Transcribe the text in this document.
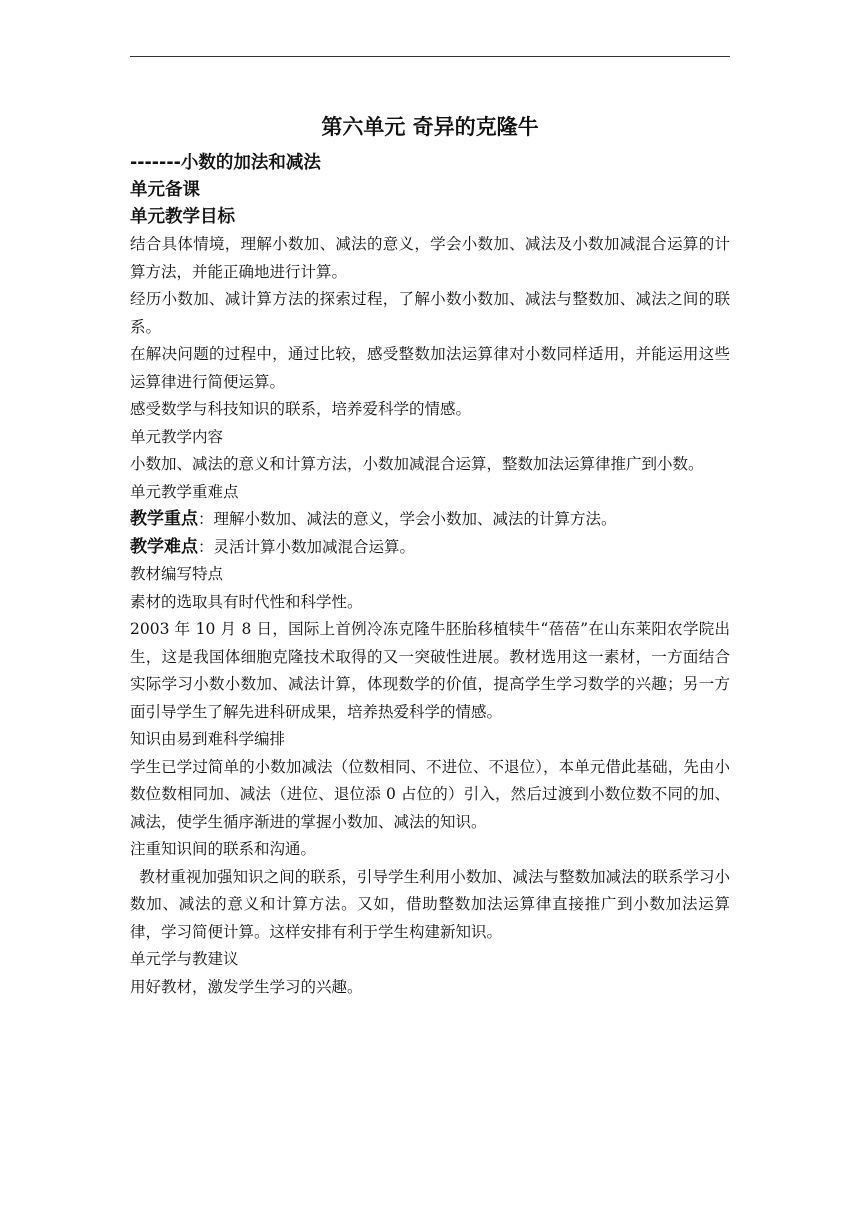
第六单元 奇异的克隆牛
-------小数的加法和减法
单元备课
单元教学目标
结合具体情境，理解小数加、减法的意义，学会小数加、减法及小数加减混合运算的计算方法，并能正确地进行计算。
经历小数加、减计算方法的探索过程，了解小数小数加、减法与整数加、减法之间的联系。
在解决问题的过程中，通过比较，感受整数加法运算律对小数同样适用，并能运用这些运算律进行简便运算。
感受数学与科技知识的联系，培养爱科学的情感。
单元教学内容
小数加、减法的意义和计算方法，小数加减混合运算，整数加法运算律推广到小数。
单元教学重难点
教学重点：理解小数加、减法的意义，学会小数加、减法的计算方法。
教学难点：灵活计算小数加减混合运算。
教材编写特点
素材的选取具有时代性和科学性。
2003 年 10 月 8 日，国际上首例冷冻克隆牛胚胎移植犊牛“蓓蓓”在山东莱阳农学院出生，这是我国体细胞克隆技术取得的又一突破性进展。教材选用这一素材，一方面结合实际学习小数小数加、减法计算，体现数学的价值，提高学生学习数学的兴趣；另一方面引导学生了解先进科研成果，培养热爱科学的情感。
知识由易到难科学编排
学生已学过简单的小数加减法（位数相同、不进位、不退位），本单元借此基础，先由小数位数相同加、减法（进位、退位添 0 占位的）引入，然后过渡到小数位数不同的加、减法，使学生循序渐进的掌握小数加、减法的知识。
注重知识间的联系和沟通。
教材重视加强知识之间的联系，引导学生利用小数加、减法与整数加减法的联系学习小数加、减法的意义和计算方法。又如，借助整数加法运算律直接推广到小数加法运算律，学习简便计算。这样安排有利于学生构建新知识。
单元学与教建议
用好教材，激发学生学习的兴趣。
